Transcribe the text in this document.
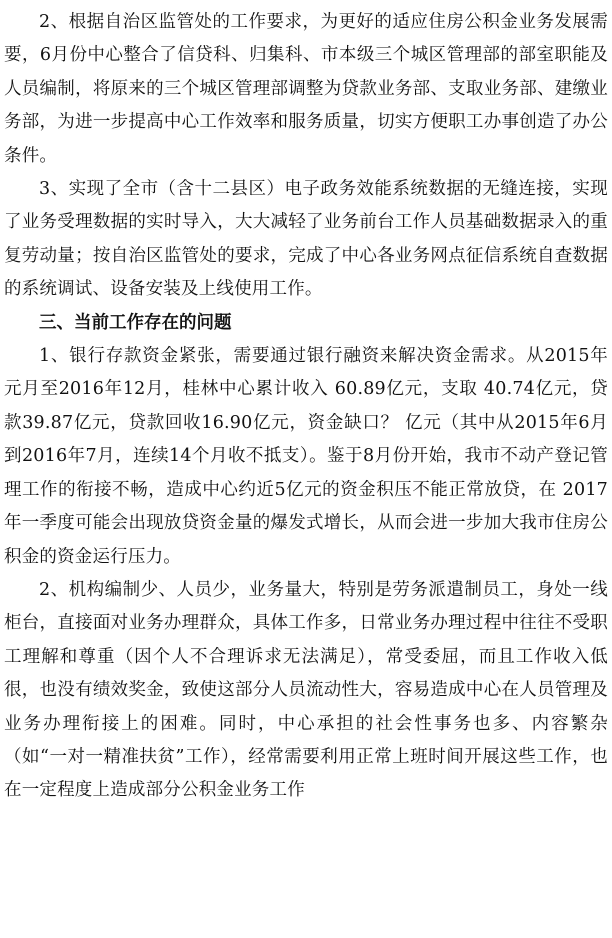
2、根据自治区监管处的工作要求，为更好的适应住房公积金业务发展需要，6月份中心整合了信贷科、归集科、市本级三个城区管理部的部室职能及人员编制，将原来的三个城区管理部调整为贷款业务部、支取业务部、建缴业务部，为进一步提高中心工作效率和服务质量，切实方便职工办事创造了办公条件。

3、实现了全市（含十二县区）电子政务效能系统数据的无缝连接，实现了业务受理数据的实时导入，大大减轻了业务前台工作人员基础数据录入的重复劳动量；按自治区监管处的要求，完成了中心各业务网点征信系统自查数据的系统调试、设备安装及上线使用工作。

三、当前工作存在的问题

1、银行存款资金紧张，需要通过银行融资来解决资金需求。从2015年元月至2016年12月，桂林中心累计收入 60.89亿元，支取 40.74亿元，贷款39.87亿元，贷款回收16.90亿元，资金缺口？ 亿元（其中从2015年6月到2016年7月，连续14个月收不抵支）。鉴于8月份开始，我市不动产登记管理工作的衔接不畅，造成中心约近5亿元的资金积压不能正常放贷，在 2017 年一季度可能会出现放贷资金量的爆发式增长，从而会进一步加大我市住房公积金的资金运行压力。

2、机构编制少、人员少，业务量大，特别是劳务派遣制员工，身处一线柜台，直接面对业务办理群众，具体工作多，日常业务办理过程中往往不受职工理解和尊重（因个人不合理诉求无法满足），常受委屈，而且工作收入低很，也没有绩效奖金，致使这部分人员流动性大，容易造成中心在人员管理及业务办理衔接上的困难。同时，中心承担的社会性事务也多、内容繁杂（如“一对一精准扶贫”工作），经常需要利用正常上班时间开展这些工作，也在一定程度上造成部分公积金业务工作
